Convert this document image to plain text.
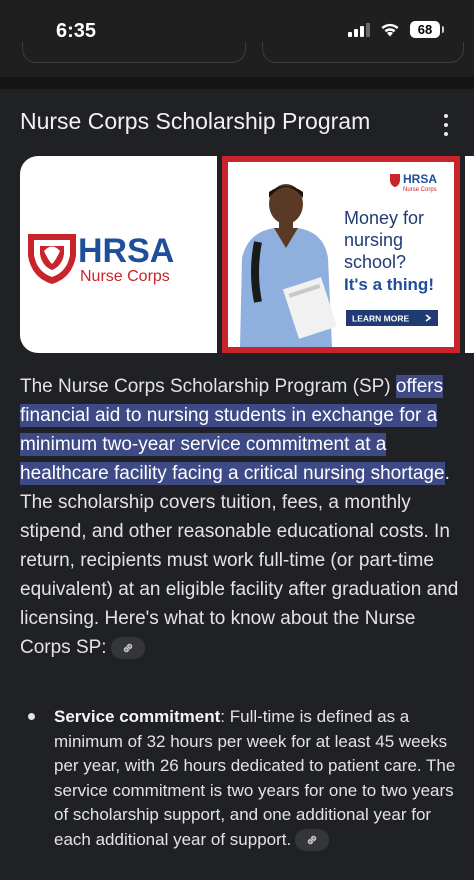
6:35	68
Nurse Corps Scholarship Program
HRSA
Nurse Corps
HRSA
Nurse Corps
Money for
nursing
school?
It's a thing!
LEARN MORE
The Nurse Corps Scholarship Program (SP) offers financial aid to nursing students in exchange for a minimum two-year service commitment at a healthcare facility facing a critical nursing shortage. The scholarship covers tuition, fees, a monthly stipend, and other reasonable educational costs. In return, recipients must work full-time (or part-time equivalent) at an eligible facility after graduation and licensing. Here's what to know about the Nurse Corps SP:
Service commitment: Full-time is defined as a minimum of 32 hours per week for at least 45 weeks per year, with 26 hours dedicated to patient care. The service commitment is two years for one to two years of scholarship support, and one additional year for each additional year of support.
